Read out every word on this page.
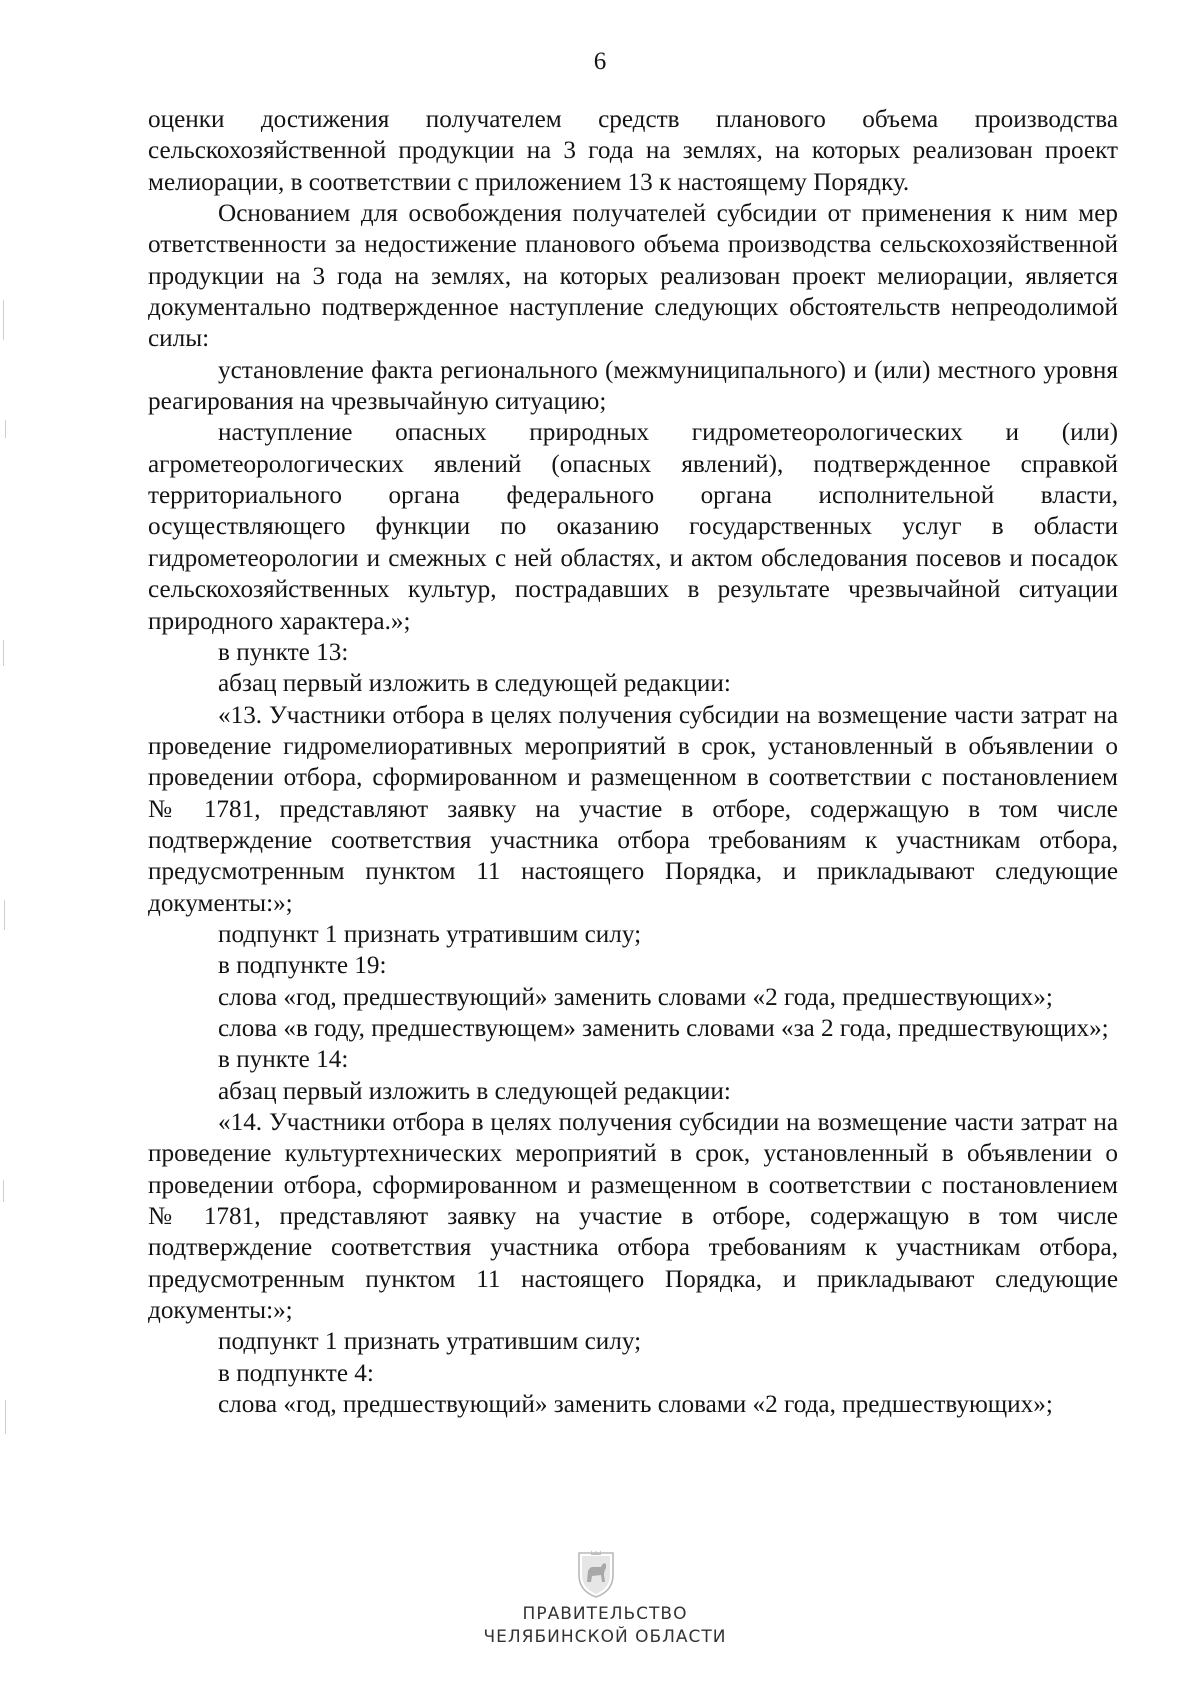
6

оценки достижения получателем средств планового объема производства сельскохозяйственной продукции на 3 года на землях, на которых реализован проект мелиорации, в соответствии с приложением 13 к настоящему Порядку.

Основанием для освобождения получателей субсидии от применения к ним мер ответственности за недостижение планового объема производства сельскохозяйственной продукции на 3 года на землях, на которых реализован проект мелиорации, является документально подтвержденное наступление следующих обстоятельств непреодолимой силы:

установление факта регионального (межмуниципального) и (или) местного уровня реагирования на чрезвычайную ситуацию;

наступление опасных природных гидрометеорологических и (или) агрометеорологических явлений (опасных явлений), подтвержденное справкой территориального органа федерального органа исполнительной власти, осуществляющего функции по оказанию государственных услуг в области гидрометеорологии и смежных с ней областях, и актом обследования посевов и посадок сельскохозяйственных культур, пострадавших в результате чрезвычайной ситуации природного характера.»;

в пункте 13:

абзац первый изложить в следующей редакции:

«13. Участники отбора в целях получения субсидии на возмещение части затрат на проведение гидромелиоративных мероприятий в срок, установленный в объявлении о проведении отбора, сформированном и размещенном в соответствии с постановлением № 1781, представляют заявку на участие в отборе, содержащую в том числе подтверждение соответствия участника отбора требованиям к участникам отбора, предусмотренным пунктом 11 настоящего Порядка, и прикладывают следующие документы:»;

подпункт 1 признать утратившим силу;

в подпункте 19:

слова «год, предшествующий» заменить словами «2 года, предшествующих»;

слова «в году, предшествующем» заменить словами «за 2 года, предшествующих»;

в пункте 14:

абзац первый изложить в следующей редакции:

«14. Участники отбора в целях получения субсидии на возмещение части затрат на проведение культуртехнических мероприятий в срок, установленный в объявлении о проведении отбора, сформированном и размещенном в соответствии с постановлением № 1781, представляют заявку на участие в отборе, содержащую в том числе подтверждение соответствия участника отбора требованиям к участникам отбора, предусмотренным пунктом 11 настоящего Порядка, и прикладывают следующие документы:»;

подпункт 1 признать утратившим силу;

в подпункте 4:

слова «год, предшествующий» заменить словами «2 года, предшествующих»;

ПРАВИТЕЛЬСТВО
ЧЕЛЯБИНСКОЙ ОБЛАСТИ
